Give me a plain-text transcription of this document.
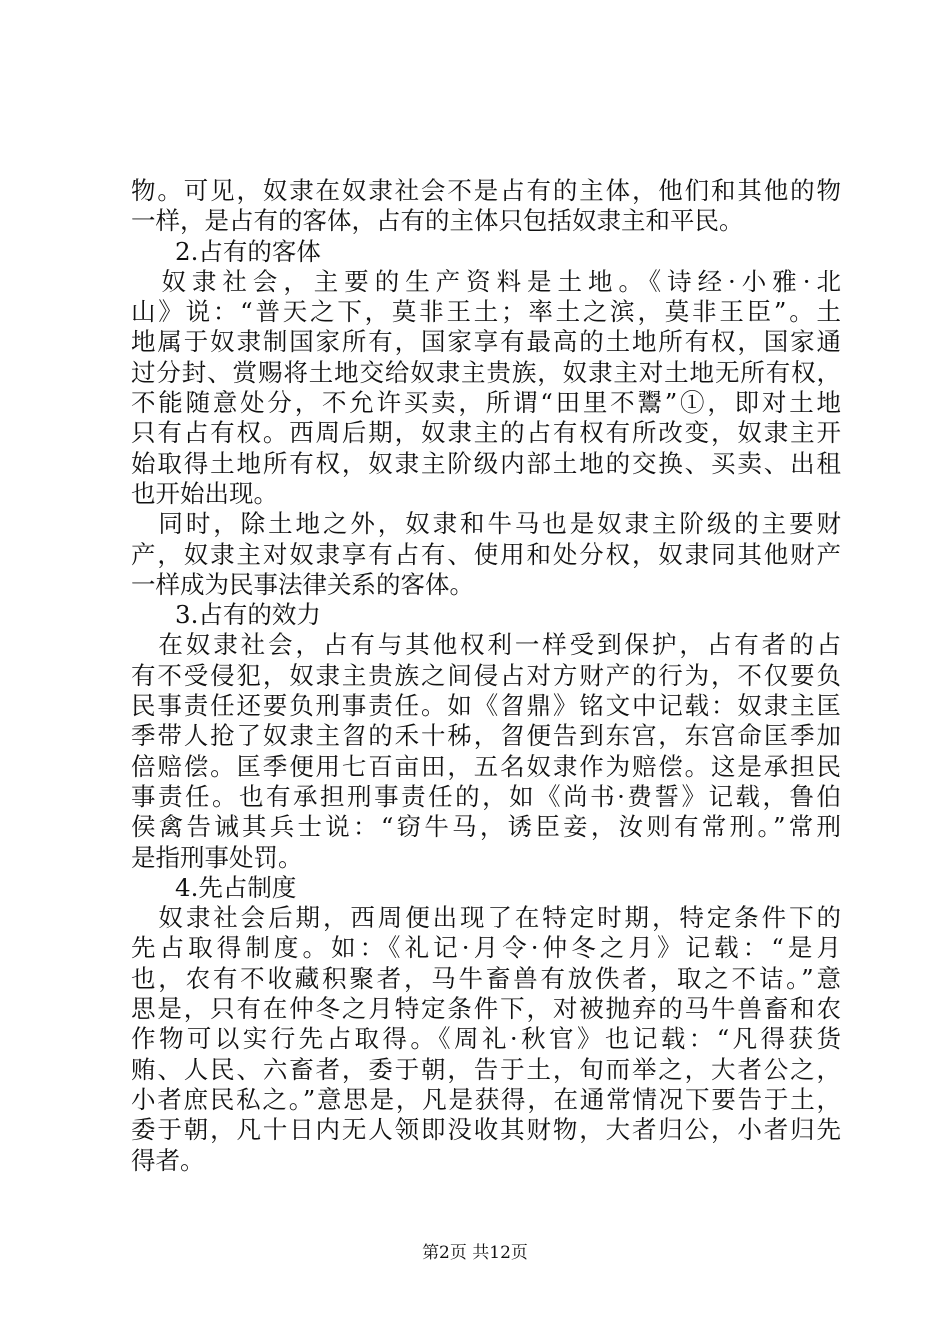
物。可见，奴隶在奴隶社会不是占有的主体，他们和其他的物
一样，是占有的客体，占有的主体只包括奴隶主和平民。
2.占有的客体
　奴隶社会，主要的生产资料是土地。《诗经·小雅·北
山》说：“普天之下，莫非王土；率土之滨，莫非王臣”。土
地属于奴隶制国家所有，国家享有最高的土地所有权，国家通
过分封、赏赐将土地交给奴隶主贵族，奴隶主对土地无所有权，
不能随意处分，不允许买卖，所谓“田里不鬻”①，即对土地
只有占有权。西周后期，奴隶主的占有权有所改变，奴隶主开
始取得土地所有权，奴隶主阶级内部土地的交换、买卖、出租
也开始出现。
　同时，除土地之外，奴隶和牛马也是奴隶主阶级的主要财
产，奴隶主对奴隶享有占有、使用和处分权，奴隶同其他财产
一样成为民事法律关系的客体。
3.占有的效力
　在奴隶社会，占有与其他权利一样受到保护，占有者的占
有不受侵犯，奴隶主贵族之间侵占对方财产的行为，不仅要负
民事责任还要负刑事责任。如《曶鼎》铭文中记载：奴隶主匡
季带人抢了奴隶主曶的禾十秭，曶便告到东宫，东宫命匡季加
倍赔偿。匡季便用七百亩田，五名奴隶作为赔偿。这是承担民
事责任。也有承担刑事责任的，如《尚书·费誓》记载，鲁伯
侯禽告诫其兵士说：“窃牛马，诱臣妾，汝则有常刑。”常刑
是指刑事处罚。
4.先占制度
　奴隶社会后期，西周便出现了在特定时期，特定条件下的
先占取得制度。如：《礼记·月令·仲冬之月》记载：“是月
也，农有不收藏积聚者，马牛畜兽有放佚者，取之不诘。”意
思是，只有在仲冬之月特定条件下，对被抛弃的马牛兽畜和农
作物可以实行先占取得。《周礼·秋官》也记载：“凡得获货
贿、人民、六畜者，委于朝，告于土，旬而举之，大者公之，
小者庶民私之。”意思是，凡是获得，在通常情况下要告于土，
委于朝，凡十日内无人领即没收其财物，大者归公，小者归先
得者。
第2页 共12页
